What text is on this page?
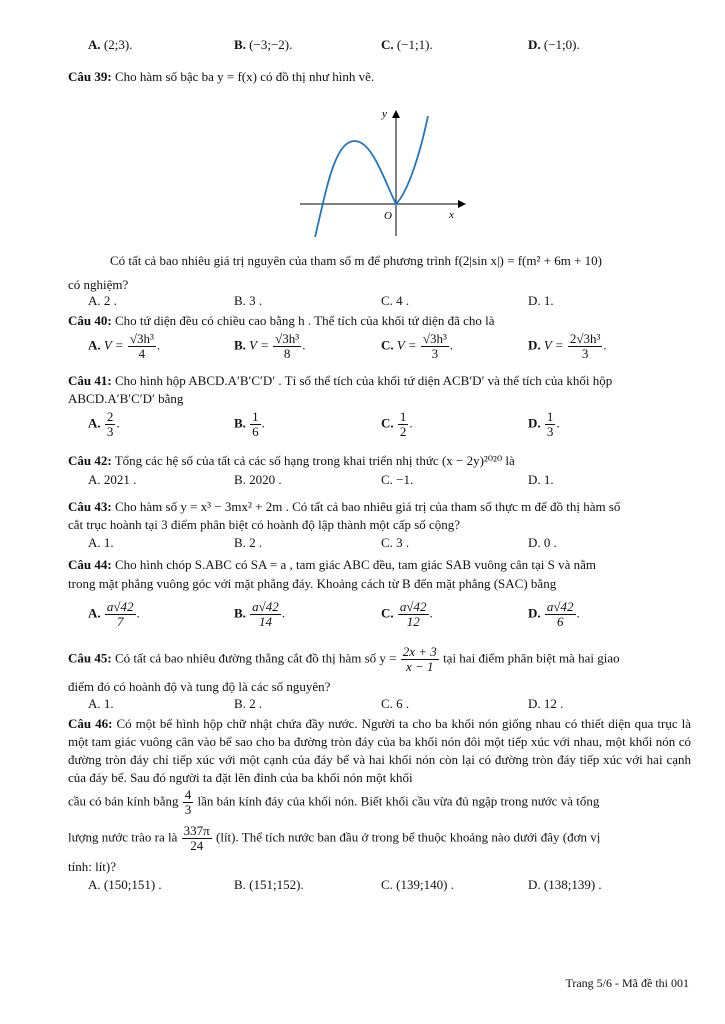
A. (2;3).	B. (−3;−2).	C. (−1;1).	D. (−1;0).
Câu 39: Cho hàm số bậc ba y = f(x) có đồ thị như hình vẽ.
y
x
O
Có tất cả bao nhiêu giá trị nguyên của tham số m để phương trình f(2|sin x|) = f(m² + 6m + 10)
có nghiệm?
A. 2 .	B. 3 .	C. 4 .	D. 1.
Câu 40: Cho tứ diện đều có chiều cao bằng h . Thể tích của khối tứ diện đã cho là
A. $V = \frac{\text{√3h³}}{4}$ .	B. $V = \frac{\text{√3h³}}{8}$ .	C. $V = \frac{\text{√3h³}}{3}$ .	D. $V = \frac{\text{2√3h³}}{3}$ .
Câu 41: Cho hình hộp ABCD.A′B′C′D′ . Tỉ số thể tích của khối tứ diện ACB′D′ và thể tích của khối hộp
ABCD.A′B′C′D′ bằng
A. $\frac{2}{3}$ .	B. $\frac{1}{6}$ .	C. $\frac{1}{2}$ .	D. $\frac{1}{3}$ .
Câu 42: Tổng các hệ số của tất cả các số hạng trong khai triển nhị thức (x − 2y)²⁰²⁰ là
A. 2021 .	B. 2020 .	C. −1.	D. 1.
Câu 43: Cho hàm số y = x³ − 3mx² + 2m . Có tất cả bao nhiêu giá trị của tham số thực m để đồ thị hàm số
cắt trục hoành tại 3 điểm phân biệt có hoành độ lập thành một cấp số cộng?
A. 1.	B. 2 .	C. 3 .	D. 0 .
Câu 44: Cho hình chóp S.ABC có SA = a , tam giác ABC đều, tam giác SAB vuông cân tại S và nằm
trong mặt phẳng vuông góc với mặt phẳng đáy. Khoảng cách từ B đến mặt phẳng (SAC) bằng
A. $\frac{a√42}{7}$ .	B. $\frac{a√42}{14}$ .	C. $\frac{a√42}{12}$ .	D. $\frac{a√42}{6}$ .
Câu 45: Có tất cả bao nhiêu đường thẳng cắt đồ thị hàm số $y = \frac{2x + 3}{x - 1}$ tại hai điểm phân biệt mà hai giao
điểm đó có hoành độ và tung độ là các số nguyên?
A. 1.	B. 2 .	C. 6 .	D. 12 .
Câu 46: Có một bể hình hộp chữ nhật chứa đầy nước. Người ta cho ba khối nón giống nhau có thiết diện qua trục là một tam giác vuông cân vào bể sao cho ba đường tròn đáy của ba khối nón đôi một tiếp xúc với nhau, một khối nón có đường tròn đáy chỉ tiếp xúc với một cạnh của đáy bể và hai khối nón còn lại có đường tròn đáy tiếp xúc với hai cạnh của đáy bể. Sau đó người ta đặt lên đỉnh của ba khối nón một khối
cầu có bán kính bằng $\frac{4}{3}$ lần bán kính đáy của khối nón. Biết khối cầu vừa đủ ngập trong nước và tổng
lượng nước trào ra là $\frac{337\pi}{24}$ (lít). Thể tích nước ban đầu ở trong bể thuộc khoảng nào dưới đây (đơn vị
tính: lít)?
A. (150;151) .	B. (151;152).	C. (139;140) .	D. (138;139) .
Trang 5/6 - Mã đề thi 001
